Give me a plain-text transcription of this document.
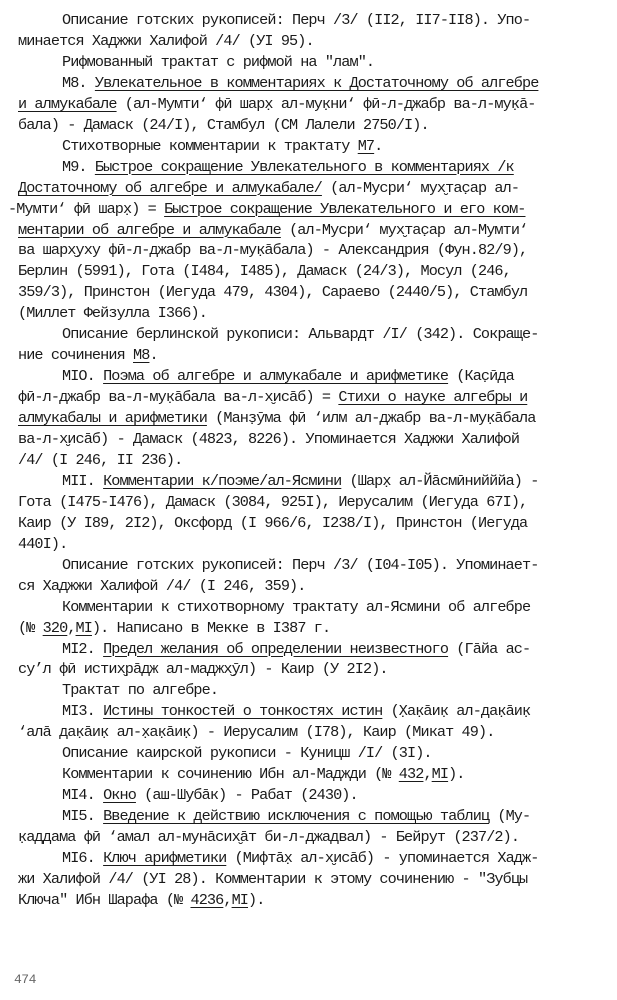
Описание готских рукописей: Перч /3/ (II2, II7-II8). Упо-
минается Хаджжи Халифой /4/ (УI 95).
Рифмованный трактат с рифмой на "лам".
М8. Увлекательное в комментариях к Достаточному об алгебре
и алмукабале (ал-Мумти‘ фӣ шарх̣ ал-мук̣ни‘ фӣ-л-джабр ва-л-мук̣ā-
бала) - Дамаск (24/I), Стамбул (СМ Лалели 2750/I).
Стихотворные комментарии к трактату М7.
М9. Быстрое сокращение Увлекательного в комментариях /к
Достаточному об алгебре и алмукабале/ (ал-Мусри‘ мух̮тас̣ар ал-
-Мумти‘ фӣ шарх̣) = Быстрое сокращение Увлекательного и его ком-
ментарии об алгебре и алмукабале (ал-Мусри‘ мух̮тас̣ар ал-Мумти‘
ва шарх̮уху фӣ-л-джабр ва-л-мук̣āбала) - Александрия (Фун.82/9),
Берлин (5991), Гота (I484, I485), Дамаск (24/3), Мосул (246,
359/3), Принстон (Иегуда 479, 4304), Сараево (2440/5), Стамбул
(Миллет Фейзулла I366).
Описание берлинской рукописи: Альвардт /I/ (342). Сокраще-
ние сочинения М8.
МIO. Поэма об алгебре и алмукабале и арифметике (Кас̣ӣда
фӣ-л-джабр ва-л-мук̣āбала ва-л-х̮исāб) = Стихи о науке алгебры и
алмукабалы и арифметики (Манз̣ӯма фӣ ‘илм ал-джабр ва-л-мук̣āбала
ва-л-х̮исāб) - Дамаск (4823, 8226). Упоминается Хаджжи Халифой
/4/ (I 246, II 236).
МII. Комментарии к/поэме/ал-Ясмини (Шарх̣ ал-Йāсмӣнийййа) -
Гота (I475-I476), Дамаск (3084, 925I), Иерусалим (Иегуда 67I),
Каир (У I89, 2I2), Оксфорд (I 966/6, I238/I), Принстон (Иегуда
440I).
Описание готских рукописей: Перч /3/ (I04-I05). Упоминает-
ся Хаджжи Халифой /4/ (I 246, 359).
Комментарии к стихотворному трактату ал-Ясмини об алгебре
(№ 320,МI). Написано в Мекке в I387 г.
МI2. Предел желания об определении неизвестного (Гāйа ас-
су’л фӣ истих̮рāдж ал-маджх̮ӯл) - Каир (У 2I2).
Трактат по алгебре.
МI3. Истины тонкостей о тонкостях истин (Х̣ак̣āик̣ ал-дак̣āик̣
‘алā дак̣āик̣ ал-х̣ак̣āик̣) - Иерусалим (I78), Каир (Микат 49).
Описание каирской рукописи - Куницш /I/ (3I).
Комментарии к сочинению Ибн ал-Маджди (№ 432,МI).
МI4. Окно (аш-Шубāк) - Рабат (2430).
МI5. Введение к действию исключения с помощью таблиц (Му-
к̣аддама фӣ ‘амал ал-мунāсих̮āт би-л-джадвал) - Бейрут (237/2).
МI6. Ключ арифметики (Мифтāх̣ ал-х̮исāб) - упоминается Хадж-
жи Халифой /4/ (УI 28). Комментарии к этому сочинению - "Зубцы
Ключа" Ибн Шарафа (№ 4236,МI).
474
